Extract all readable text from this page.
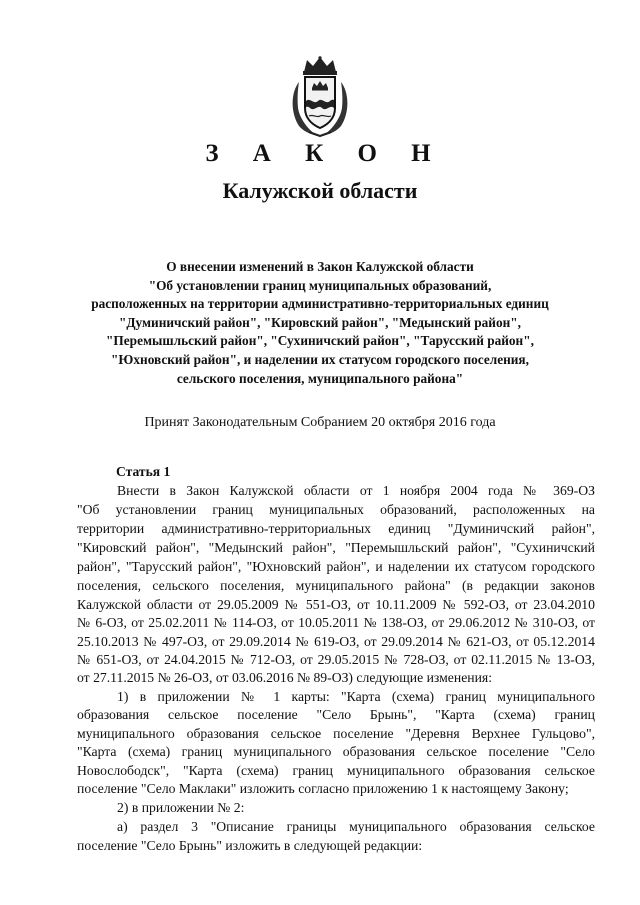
З А К О Н
Калужской области
О внесении изменений в Закон Калужской области
"Об установлении границ муниципальных образований,
расположенных на территории административно-территориальных единиц
"Думиничский район", "Кировский район", "Медынский район",
"Перемышльский район", "Сухиничский район", "Тарусский район",
"Юхновский район", и наделении их статусом городского поселения,
сельского поселения, муниципального района"
Принят Законодательным Собранием 20 октября 2016 года
Статья 1
Внести в Закон Калужской области от 1 ноября 2004 года № 369-ОЗ
"Об установлении границ муниципальных образований, расположенных на
территории административно-территориальных единиц "Думиничский район",
"Кировский район", "Медынский район", "Перемышльский район", "Сухиничский
район", "Тарусский район", "Юхновский район", и наделении их статусом городского
поселения, сельского поселения, муниципального района" (в редакции законов
Калужской области от 29.05.2009 № 551-ОЗ, от 10.11.2009 № 592-ОЗ, от 23.04.2010
№ 6-ОЗ, от 25.02.2011 № 114-ОЗ, от 10.05.2011 № 138-ОЗ, от 29.06.2012 № 310-ОЗ, от
25.10.2013 № 497-ОЗ, от 29.09.2014 № 619-ОЗ, от 29.09.2014 № 621-ОЗ, от 05.12.2014
№ 651-ОЗ, от 24.04.2015 № 712-ОЗ, от 29.05.2015 № 728-ОЗ, от 02.11.2015 № 13-ОЗ,
от 27.11.2015 № 26-ОЗ, от 03.06.2016 № 89-ОЗ) следующие изменения:
1) в приложении № 1 карты: "Карта (схема) границ муниципального
образования сельское поселение "Село Брынь", "Карта (схема) границ
муниципального образования сельское поселение "Деревня Верхнее Гульцово",
"Карта (схема) границ муниципального образования сельское поселение "Село
Новослободск", "Карта (схема) границ муниципального образования сельское
поселение "Село Маклаки" изложить согласно приложению 1 к настоящему Закону;
2) в приложении № 2:
а) раздел 3 "Описание границы муниципального образования сельское
поселение "Село Брынь" изложить в следующей редакции:
